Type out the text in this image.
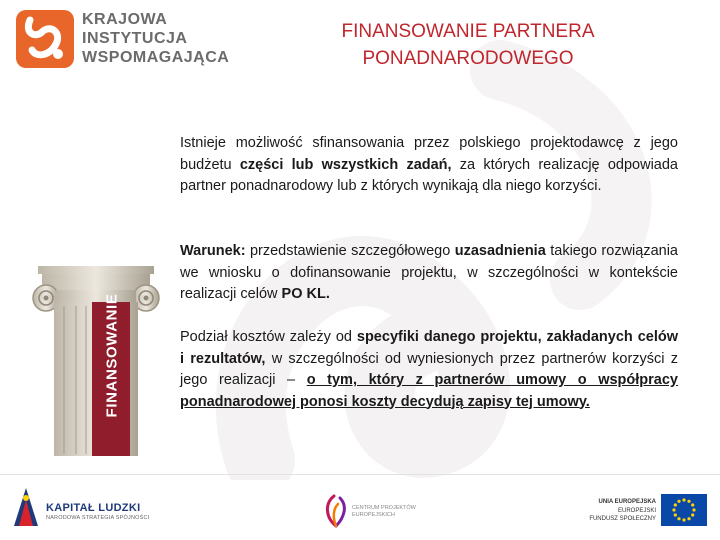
KRAJOWA
INSTYTUCJA
WSPOMAGAJĄCA
FINANSOWANIE PARTNERA
PONADNARODOWEGO
FINANSOWANIE
Istnieje możliwość sfinansowania przez polskiego projektodawcę z jego budżetu części lub wszystkich zadań, za których realizację odpowiada partner ponadnarodowy lub z których wynikają dla niego korzyści.
Warunek: przedstawienie szczegółowego uzasadnienia takiego rozwiązania we wniosku o dofinansowanie projektu, w szczególności w kontekście realizacji celów PO KL.
Podział kosztów zależy od specyfiki danego projektu, zakładanych celów i rezultatów, w szczególności od wyniesionych przez partnerów korzyści z jego realizacji – o tym, który z partnerów umowy o współpracy ponadnarodowej ponosi koszty decydują zapisy tej umowy.
KAPITAŁ LUDZKI
NARODOWA STRATEGIA SPÓJNOŚCI
CENTRUM PROJEKTÓW
EUROPEJSKICH
UNIA EUROPEJSKA
EUROPEJSKI
FUNDUSZ SPOŁECZNY
